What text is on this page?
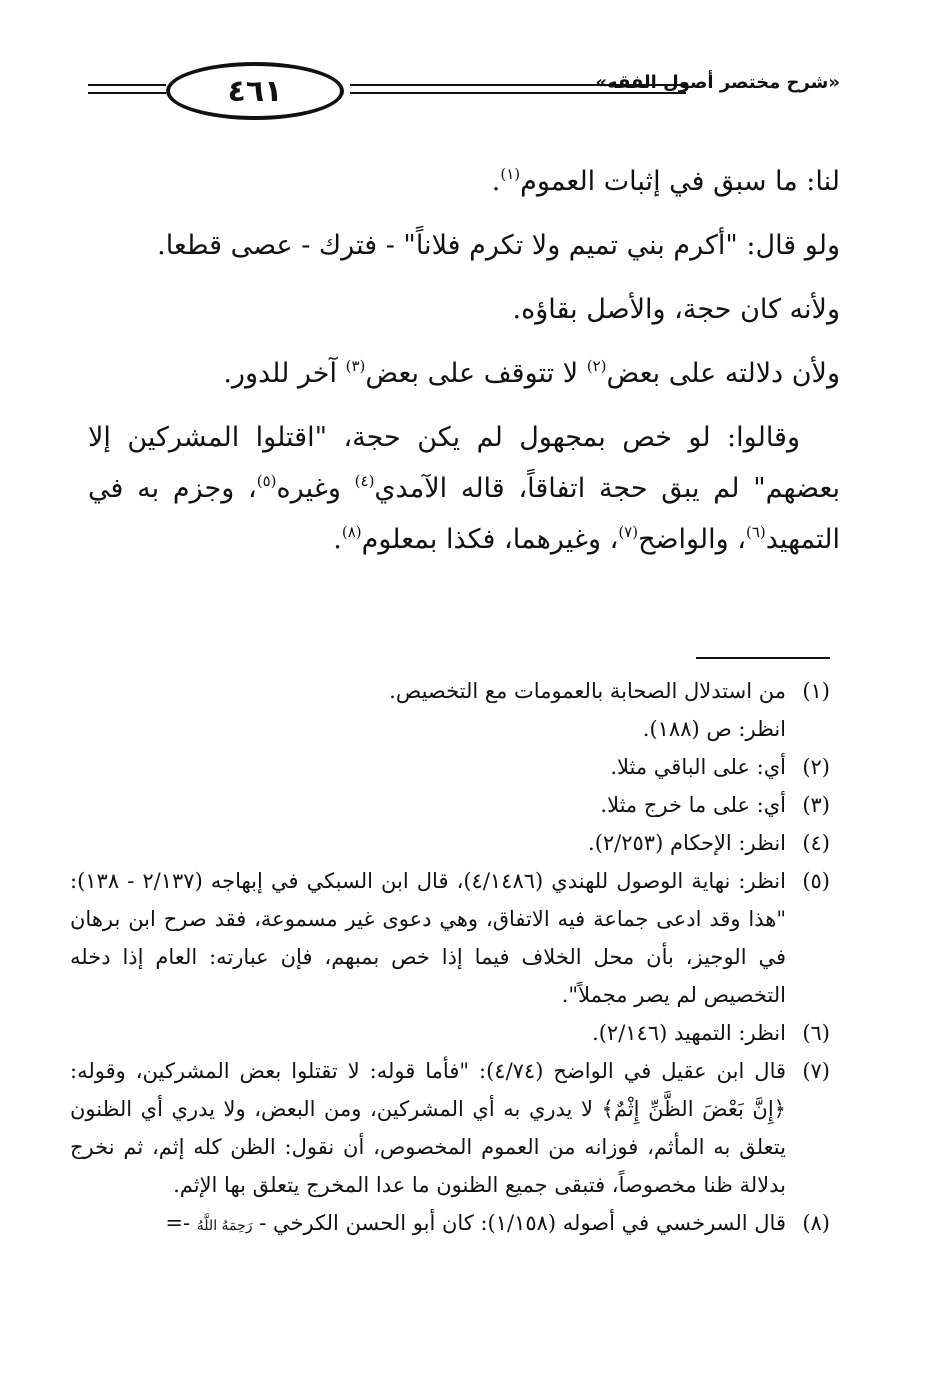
٤٦١	«شرح مختصر أصول الفقه»

لنا: ما سبق في إثبات العموم$^{(١)}$.

ولو قال: "أكرم بني تميم ولا تكرم فلاناً" - فترك - عصى قطعا.

ولأنه كان حجة، والأصل بقاؤه.

ولأن دلالته على بعض$^{(٢)}$ لا تتوقف على بعض$^{(٣)}$ آخر للدور.

وقالوا: لو خص بمجهول لم يكن حجة، "اقتلوا المشركين إلا بعضهم" لم يبق حجة اتفاقاً، قاله الآمدي$^{(٤)}$ وغيره$^{(٥)}$، وجزم به في التمهيد$^{(٦)}$، والواضح$^{(٧)}$، وغيرهما، فكذا بمعلوم$^{(٨)}$.

(١)
من استدلال الصحابة بالعمومات مع التخصيص.

انظر: ص (١٨٨).

(٢)
أي: على الباقي مثلا.
(٣)
أي: على ما خرج مثلا.
(٤)
انظر: الإحكام (٢/٢٥٣).
(٥)
انظر: نهاية الوصول للهندي (٤/١٤٨٦)، قال ابن السبكي في إبهاجه (٢/١٣٧ - ١٣٨): "هذا وقد ادعى جماعة فيه الاتفاق، وهي دعوى غير مسموعة، فقد صرح ابن برهان في الوجيز، بأن محل الخلاف فيما إذا خص بمبهم، فإن عبارته: العام إذا دخله التخصيص لم يصر مجملاً".
(٦)
انظر: التمهيد (٢/١٤٦).
(٧)
قال ابن عقيل في الواضح (٤/٧٤): "فأما قوله: لا تقتلوا بعض المشركين، وقوله: ﴿إِنَّ بَعْضَ الظَّنِّ إِثْمٌ﴾ لا يدري به أي المشركين، ومن البعض، ولا يدري أي الظنون يتعلق به المأثم، فوزانه من العموم المخصوص، أن نقول: الظن كله إثم، ثم نخرج بدلالة ظنا مخصوصاً، فتبقى جميع الظنون ما عدا المخرج يتعلق بها الإثم.
(٨)
قال السرخسي في أصوله (١/١٥٨): كان أبو الحسن الكرخي - رَحِمَهُ اللَّهُ -=
